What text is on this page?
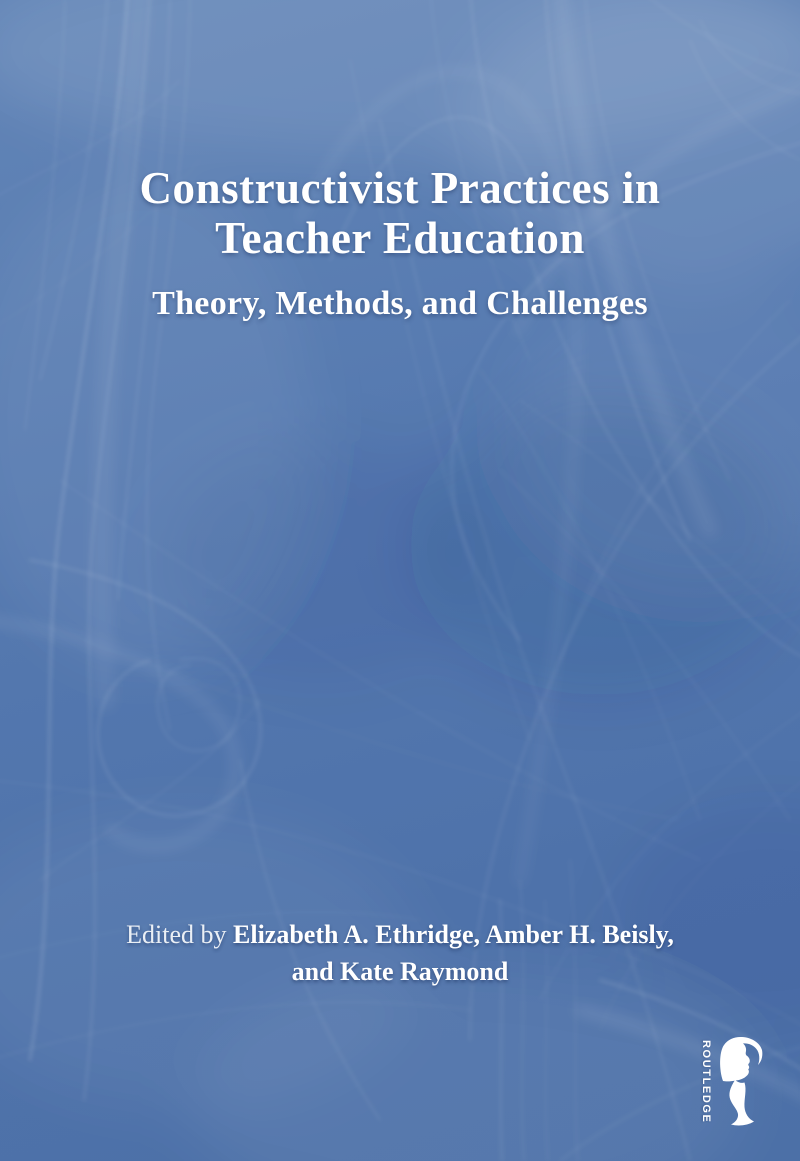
Constructivist Practices in
Teacher Education
Theory, Methods, and Challenges

Edited by Elizabeth A. Ethridge, Amber H. Beisly,

and Kate Raymond

ROUTLEDGE
